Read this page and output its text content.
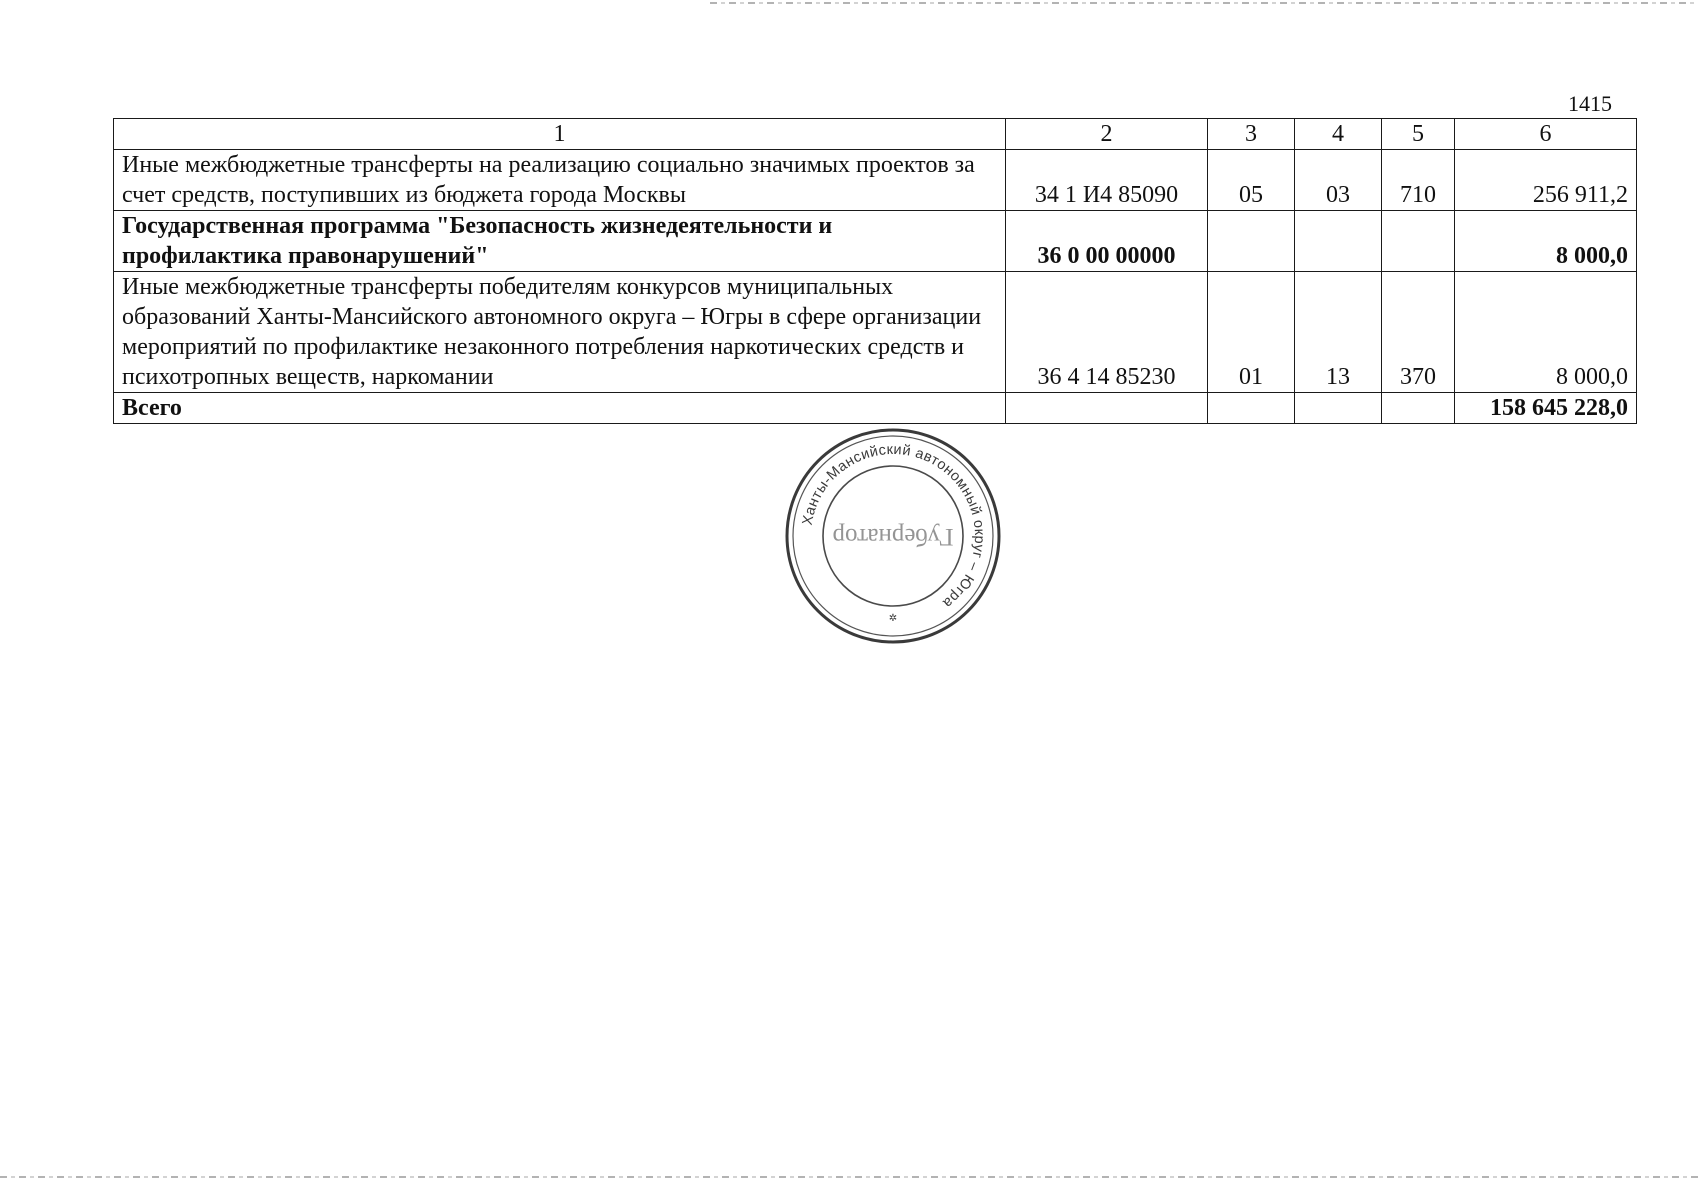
1415
1	2	3	4	5	6
Иные межбюджетные трансферты на реализацию социально значимых проектов за счет средств, поступивших из бюджета города Москвы	34 1 И4 85090	05	03	710	256 911,2
Государственная программа "Безопасность жизнедеятельности и профилактика правонарушений"	36 0 00 00000				8 000,0
Иные межбюджетные трансферты победителям конкурсов муниципальных образований Ханты-Мансийского автономного округа – Югры в сфере организации мероприятий по профилактике незаконного потребления наркотических средств и психотропных веществ, наркомании	36 4 14 85230	01	13	370	8 000,0
Всего					158 645 228,0
Ханты-Мансийский автономный округ – Югра
Губернатор
✲
